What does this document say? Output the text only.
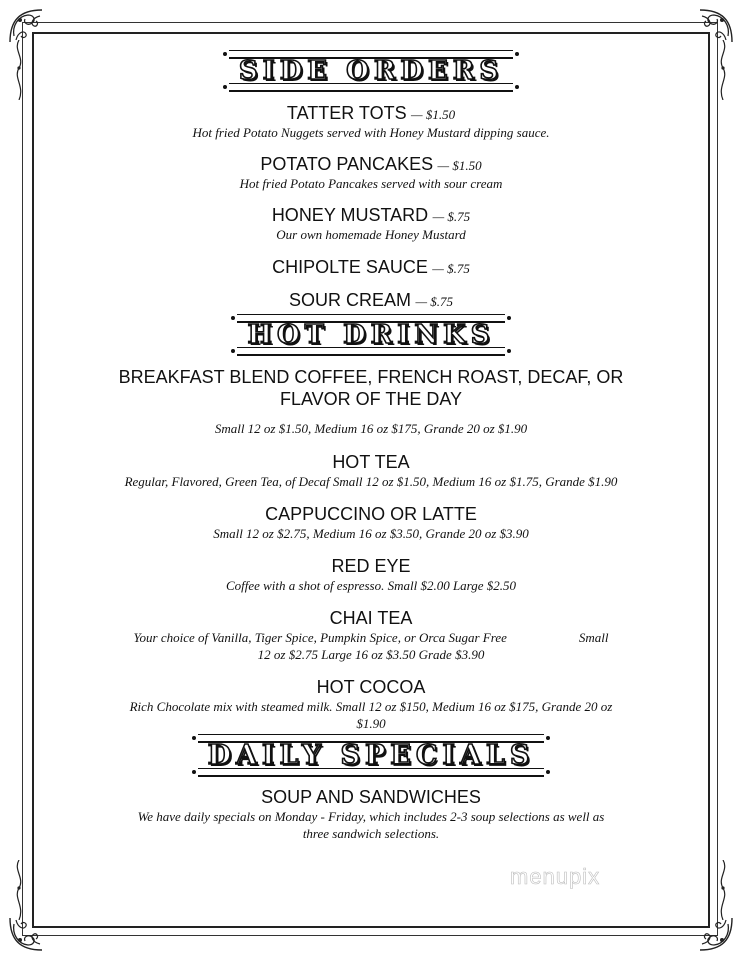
SIDE ORDERS
TATTER TOTS — $1.50
Hot fried Potato Nuggets served with Honey Mustard dipping sauce.
POTATO PANCAKES — $1.50
Hot fried Potato Pancakes served with sour cream
HONEY MUSTARD — $.75
Our own homemade Honey Mustard
CHIPOLTE SAUCE — $.75
SOUR CREAM — $.75
HOT DRINKS
BREAKFAST BLEND COFFEE, FRENCH ROAST, DECAF, OR
FLAVOR OF THE DAY
Small 12 oz $1.50, Medium 16 oz $175, Grande 20 oz $1.90
HOT TEA
Regular, Flavored, Green Tea, of Decaf Small 12 oz $1.50, Medium 16 oz $1.75, Grande $1.90
CAPPUCCINO OR LATTE
Small 12 oz $2.75, Medium 16 oz $3.50, Grande 20 oz $3.90
RED EYE
Coffee with a shot of espresso. Small $2.00 Large $2.50
CHAI TEA
Your choice of Vanilla, Tiger Spice, Pumpkin Spice, or Orca Sugar Free	Small
12 oz $2.75 Large 16 oz $3.50 Grade $3.90
HOT COCOA
Rich Chocolate mix with steamed milk. Small 12 oz $150, Medium 16 oz $175, Grande 20 oz
$1.90
DAILY SPECIALS
SOUP AND SANDWICHES
We have daily specials on Monday - Friday, which includes 2-3 soup selections as well as
three sandwich selections.
menupix
